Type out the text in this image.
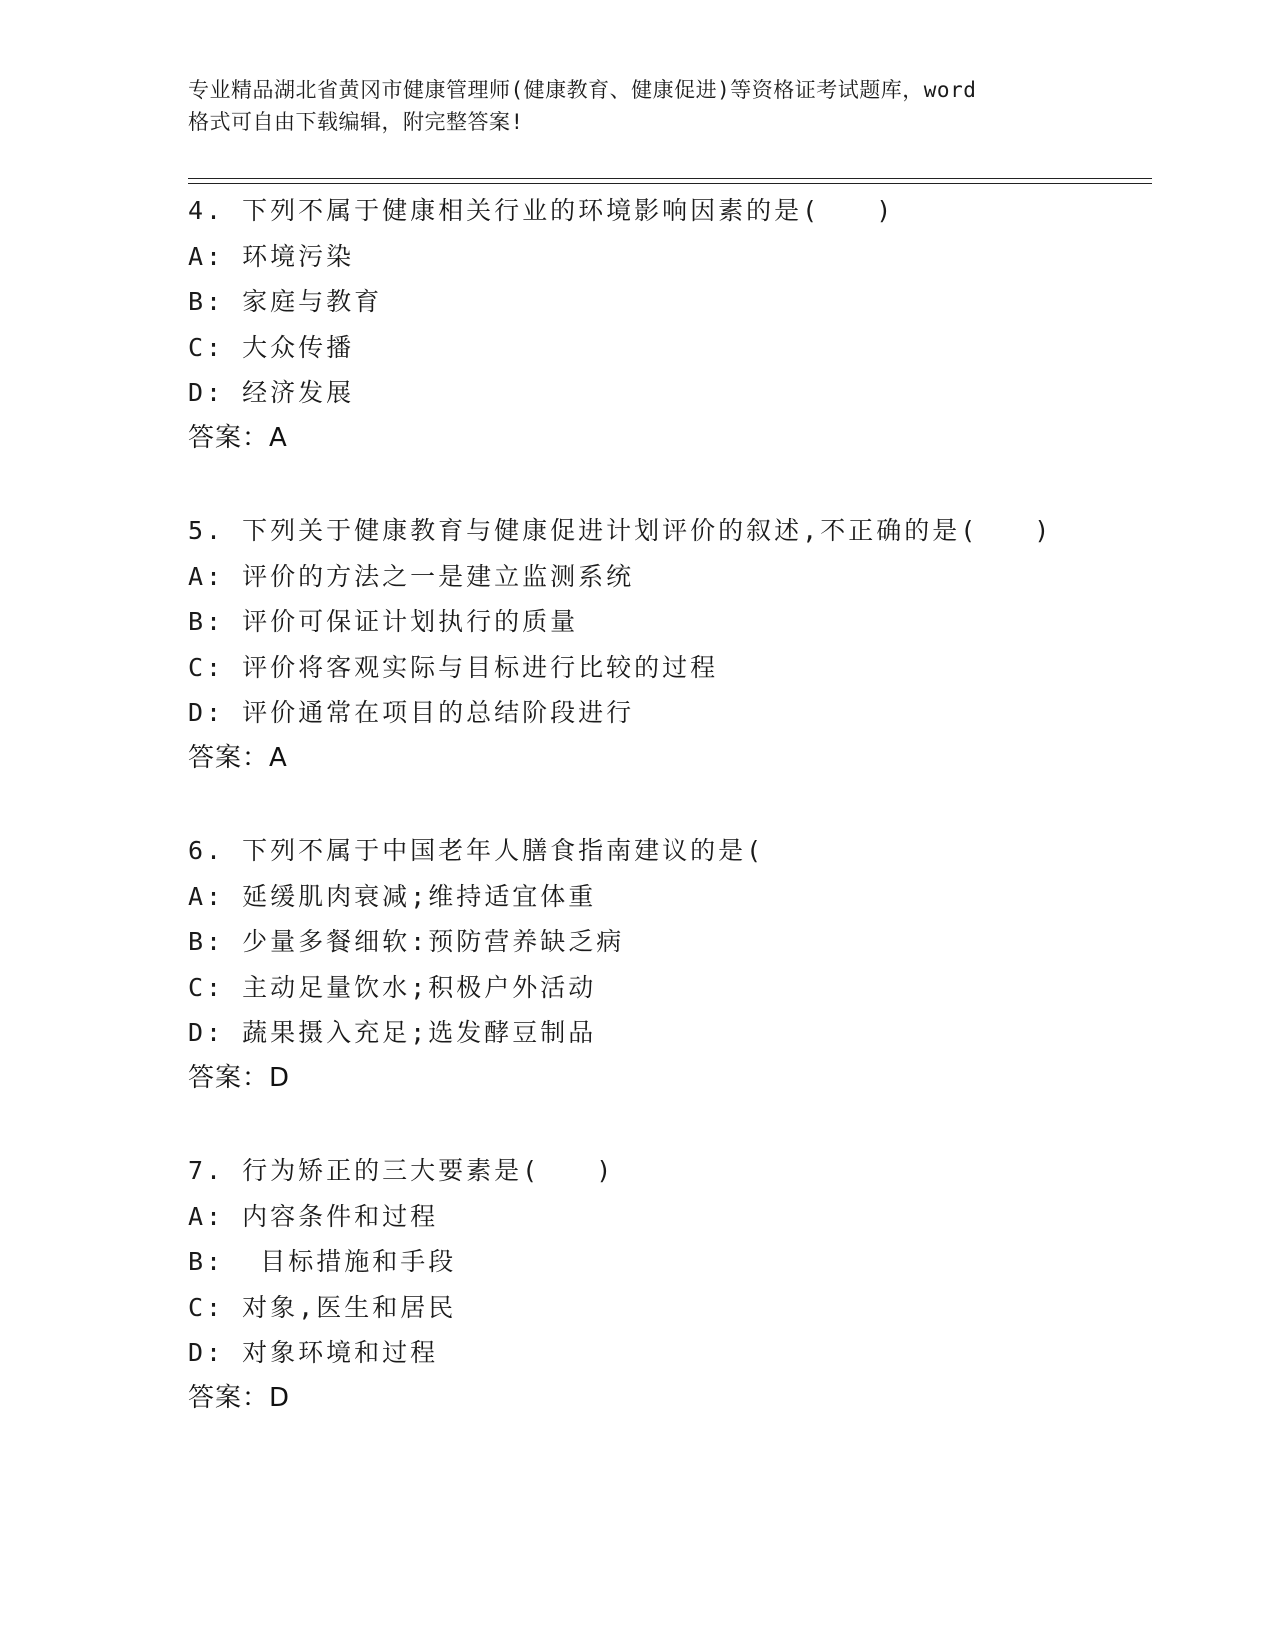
专业精品湖北省黄冈市健康管理师(健康教育、健康促进)等资格证考试题库，word
格式可自由下载编辑，附完整答案!
4. 下列不属于健康相关行业的环境影响因素的是(　　)
A: 环境污染
B: 家庭与教育
C: 大众传播
D: 经济发展
答案：A
5. 下列关于健康教育与健康促进计划评价的叙述,不正确的是(　　)
A: 评价的方法之一是建立监测系统
B: 评价可保证计划执行的质量
C: 评价将客观实际与目标进行比较的过程
D: 评价通常在项目的总结阶段进行
答案：A
6. 下列不属于中国老年人膳食指南建议的是(
A: 延缓肌肉衰减;维持适宜体重
B: 少量多餐细软:预防营养缺乏病
C: 主动足量饮水;积极户外活动
D: 蔬果摄入充足;选发酵豆制品
答案：D
7. 行为矫正的三大要素是(　　)
A: 内容条件和过程
B:  目标措施和手段
C: 对象,医生和居民
D: 对象环境和过程
答案：D
